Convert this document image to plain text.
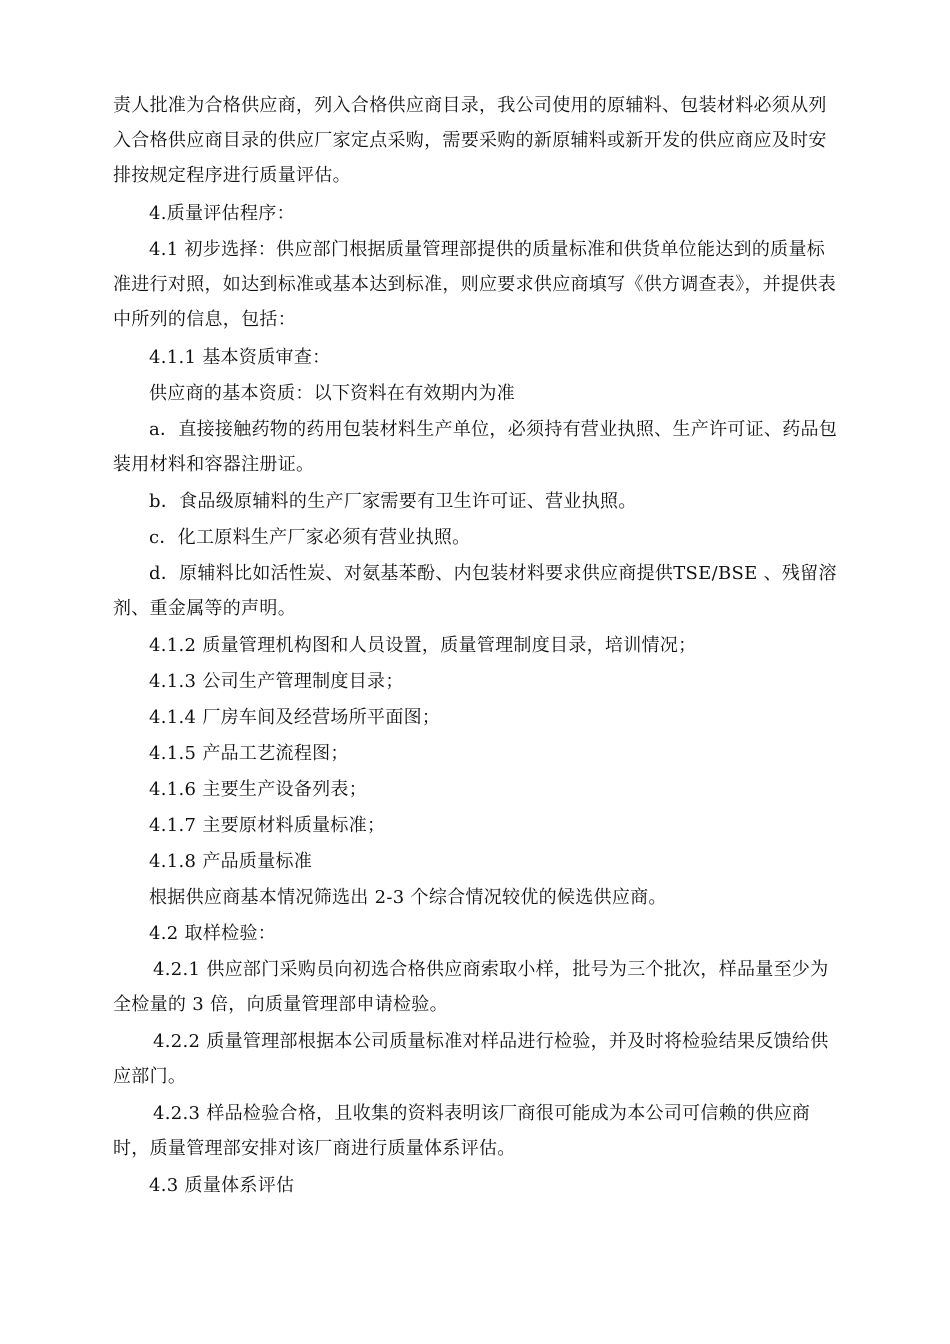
责人批准为合格供应商，列入合格供应商目录，我公司使用的原辅料、包装材料必须从列入合格供应商目录的供应厂家定点采购，需要采购的新原辅料或新开发的供应商应及时安排按规定程序进行质量评估。

4.质量评估程序：

4.1 初步选择：供应部门根据质量管理部提供的质量标准和供货单位能达到的质量标准进行对照，如达到标准或基本达到标准，则应要求供应商填写《供方调查表》，并提供表中所列的信息，包括：

4.1.1 基本资质审查：

供应商的基本资质：以下资料在有效期内为准

a．直接接触药物的药用包装材料生产单位，必须持有营业执照、生产许可证、药品包装用材料和容器注册证。

b．食品级原辅料的生产厂家需要有卫生许可证、营业执照。

c．化工原料生产厂家必须有营业执照。

d．原辅料比如活性炭、对氨基苯酚、内包装材料要求供应商提供TSE/BSE 、残留溶剂、重金属等的声明。

4.1.2 质量管理机构图和人员设置，质量管理制度目录，培训情况；

4.1.3 公司生产管理制度目录；

4.1.4 厂房车间及经营场所平面图；

4.1.5 产品工艺流程图；

4.1.6 主要生产设备列表；

4.1.7 主要原材料质量标准；

4.1.8 产品质量标准

根据供应商基本情况筛选出 2-3 个综合情况较优的候选供应商。

4.2 取样检验：

4.2.1 供应部门采购员向初选合格供应商索取小样，批号为三个批次，样品量至少为全检量的 3 倍，向质量管理部申请检验。

4.2.2 质量管理部根据本公司质量标准对样品进行检验，并及时将检验结果反馈给供应部门。

4.2.3 样品检验合格，且收集的资料表明该厂商很可能成为本公司可信赖的供应商时，质量管理部安排对该厂商进行质量体系评估。

4.3 质量体系评估
